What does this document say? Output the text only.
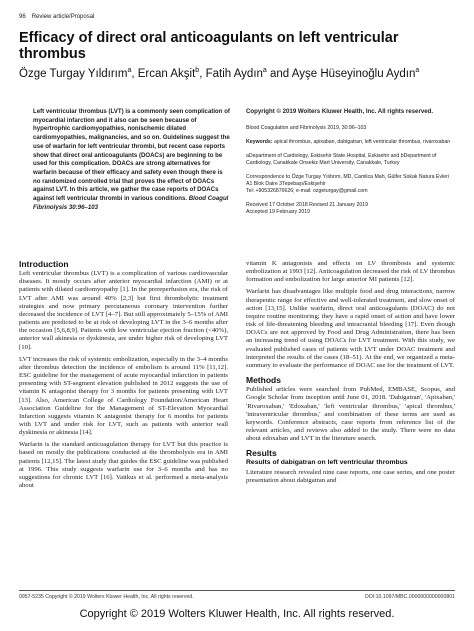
96 Review article/Proposal
Efficacy of direct oral anticoagulants on left ventricular thrombus
Özge Turgay Yıldırım$^a$, Ercan Akşit$^b$, Fatih Aydın$^a$ and Ayşe Hüseyinoğlu Aydın$^a$
Left ventricular thrombus (LVT) is a commonly seen complication of myocardial infarction and it also can be seen because of hypertrophic cardiomyopathies, nonischemic dilated cardiomyopathies, malignancies, and so on. Guidelines suggest the use of warfarin for left ventricular thrombi, but recent case reports show that direct oral anticoagulants (DOACs) are beginning to be used for this complication. DOACs are strong alternatives for warfarin because of their efficacy and safety even though there is no randomized controlled trial that proves the effect of DOACs against LVT. In this article, we gather the case reports of DOACs against left ventricular thrombi in various conditions. Blood Coagul Fibrinolysis 30:96–103
Copyright © 2019 Wolters Kluwer Health, Inc. All rights reserved.
Blood Coagulation and Fibrinolysis 2019, 30:96–103
Keywords: apical thrombus, apixaban, dabigatran, left ventricular thrombus, rivaroxaban
aDepartment of Cardiology, Eskisehir State Hospital, Eskisehir and bDepartment of Cardiology, Canakkale Onsekiz Mart University, Canakkale, Turkey
Correspondence to Özge Turgay Yıldırım, MD, Camlica Mah, Gülfer Sokak Natura Evleri A1 Blok Daire 3Tepebaşı/Eskişehir
Tel: +905326876626; e-mail: ozgeturgay@gmail.com
Received 17 October 2018 Revised 21 January 2019
Accepted 19 February 2019
Introduction

Left ventricular thrombus (LVT) is a complication of various cardiovascular diseases. It mostly occurs after anterior myocardial infarction (AMI) or at patients with dilated cardiomyopathy [1]. In the prereperfusion era, the risk of LVT after AMI was around 40% [2,3] but first thrombolytic treatment strategies and now primary percutaneous coronary intervention further decreased the incidence of LVT [4–7]. But still approximately 5–15% of AMI patients are predicted to be at risk of developing LVT in the 3–6 months after the occasion [5,6,8,9]. Patients with low ventricular ejection fraction (<40%), anterior wall akinesia or dyskinesia, are under higher risk of developing LVT [10].

LVT increases the risk of systemic embolization, especially in the 3–4 months after thrombus detection the incidence of embolism is around 11% [11,12]. ESC guideline for the management of acute myocardial infarction in patients presenting with ST-segment elevation published in 2012 suggests the use of vitamin K antagonist therapy for 3 months for patients presenting with LVT [13]. Also, American College of Cardiology Foundation/American Heart Association Guideline for the Management of ST-Elevation Myocardial Infarction suggests vitamin K antagonist therapy for 6 months for patients with LVT and under risk for LVT, such as patients with anterior wall dyskinesia or akinesia [14].

Warfarin is the standard anticoagulation therapy for LVT but this practice is based on mostly the publications conducted at the thrombolysis era in AMI patients [12,15]. The latest study that guides the ESC guideline was published at 1996. This study suggests warfarin use for 3–6 months and has no suggestions for chronic LVT [16]. Vaitkus et al. performed a meta-analysis about

vitamin K antagonists and effects on LV thrombosis and systemic embolization at 1993 [12]. Anticoagulation decreased the risk of LV thrombus formation and embolization for large anterior MI patients [12].

Warfarin has disadvantages like multiple food and drug interactions, narrow therapeutic range for effective and well-tolerated treatment, and slow onset of action [13,15]. Unlike warfarin, direct oral anticoagulants (DOAC) do not require routine monitoring; they have a rapid onset of action and have lower risk of life-threatening bleeding and intracranial bleeding [17]. Even though DOACs are not approved by Food and Drug Administration, there has been an increasing trend of using DOACs for LVT treatment. With this study, we evaluated published cases of patients with LVT under DOAC treatment and interpreted the results of the cases (18–51). At the end, we organized a meta-summary to evaluate the performance of DOAC use for the treatment of LVT.

Methods

Published articles were searched from PubMed, EMBASE, Scopus, and Google Scholar from inception until June 01, 2018. 'Dabigatran', 'Apixaban,' 'Rivaroxaban,' 'Edoxaban,' 'left ventricular thrombus,' 'apical thrombus,' 'intraventricular thrombus,' and combination of these terms are used as keywords. Conference abstracts, case reports from reference list of the relevant articles, and reviews also added to the study. There were no data about edoxaban and LVT in the literature search.

Results
Results of dabigatran on left ventricular thrombus

Literature research revealed nine case reports, one case series, and one poster presentation about dabigatran and

0957-5235 Copyright © 2019 Wolters Kluwer Health, Inc. All rights reserved.	DOI:10.1097/MBC.0000000000000801
Copyright © 2019 Wolters Kluwer Health, Inc. All rights reserved.
